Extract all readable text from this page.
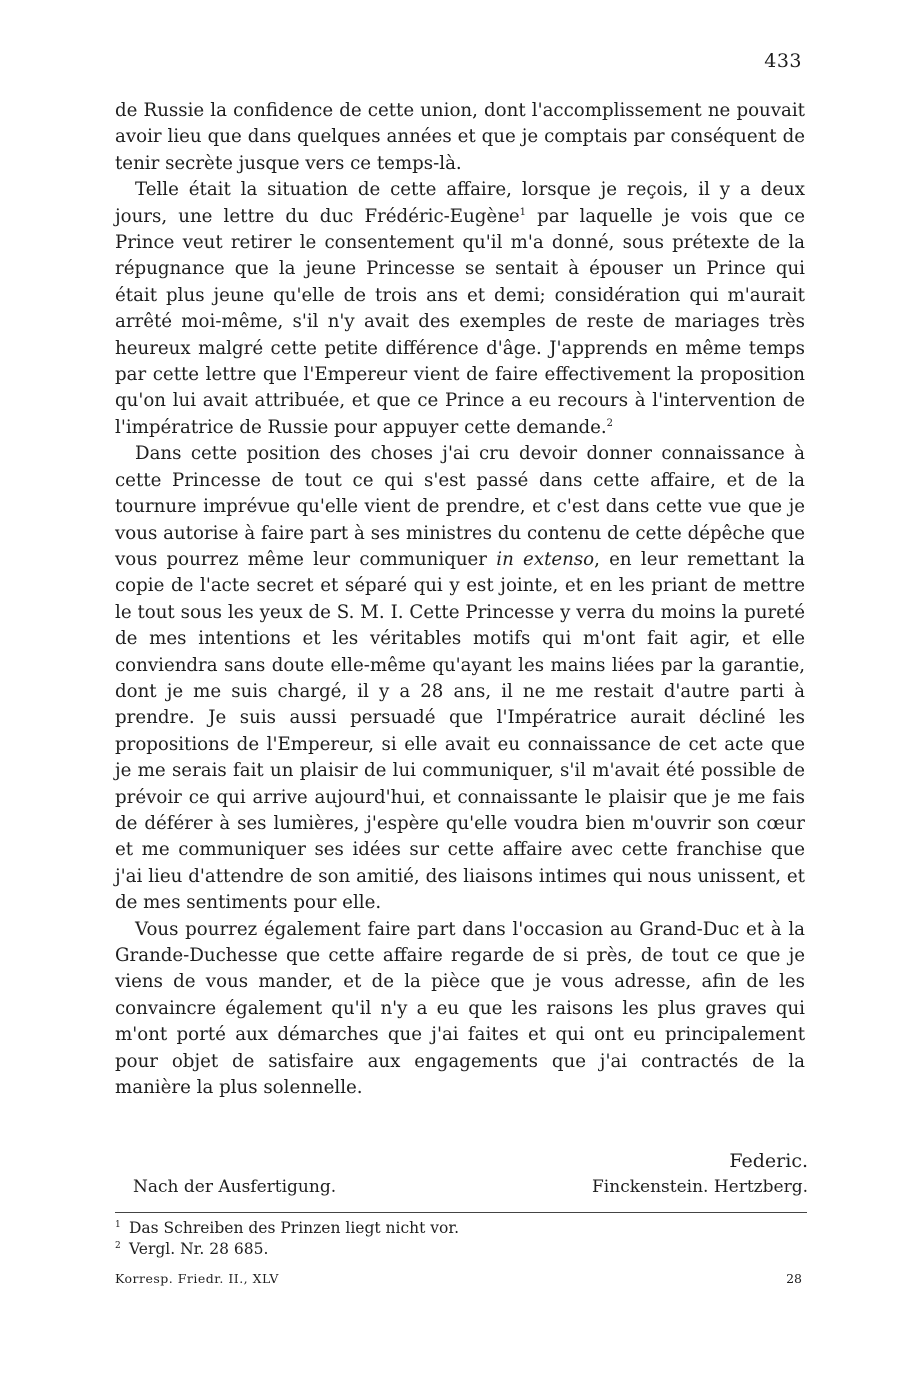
433

de Russie la confidence de cette union, dont l'accomplissement ne pouvait avoir lieu que dans quelques années et que je comptais par conséquent de tenir secrète jusque vers ce temps-là.

Telle était la situation de cette affaire, lorsque je reçois, il y a deux jours, une lettre du duc Frédéric-Eugène$^1$ par laquelle je vois que ce Prince veut retirer le consentement qu'il m'a donné, sous prétexte de la répugnance que la jeune Princesse se sentait à épouser un Prince qui était plus jeune qu'elle de trois ans et demi; considération qui m'aurait arrêté moi-même, s'il n'y avait des exemples de reste de mariages très heureux malgré cette petite différence d'âge. J'apprends en même temps par cette lettre que l'Empereur vient de faire effectivement la proposition qu'on lui avait attribuée, et que ce Prince a eu recours à l'intervention de l'impératrice de Russie pour appuyer cette demande.$^2$

Dans cette position des choses j'ai cru devoir donner connaissance à cette Princesse de tout ce qui s'est passé dans cette affaire, et de la tournure imprévue qu'elle vient de prendre, et c'est dans cette vue que je vous autorise à faire part à ses ministres du contenu de cette dépêche que vous pourrez même leur communiquer in extenso, en leur remettant la copie de l'acte secret et séparé qui y est jointe, et en les priant de mettre le tout sous les yeux de S. M. I. Cette Princesse y verra du moins la pureté de mes intentions et les véritables motifs qui m'ont fait agir, et elle conviendra sans doute elle-même qu'ayant les mains liées par la garantie, dont je me suis chargé, il y a 28 ans, il ne me restait d'autre parti à prendre. Je suis aussi persuadé que l'Impératrice aurait décliné les propositions de l'Empereur, si elle avait eu connaissance de cet acte que je me serais fait un plaisir de lui communiquer, s'il m'avait été possible de prévoir ce qui arrive aujourd'hui, et connaissante le plaisir que je me fais de déférer à ses lumières, j'espère qu'elle voudra bien m'ouvrir son cœur et me communiquer ses idées sur cette affaire avec cette franchise que j'ai lieu d'attendre de son amitié, des liaisons intimes qui nous unissent, et de mes sentiments pour elle.

Vous pourrez également faire part dans l'occasion au Grand-Duc et à la Grande-Duchesse que cette affaire regarde de si près, de tout ce que je viens de vous mander, et de la pièce que je vous adresse, afin de les convaincre également qu'il n'y a eu que les raisons les plus graves qui m'ont porté aux démarches que j'ai faites et qui ont eu principalement pour objet de satisfaire aux engagements que j'ai contractés de la manière la plus solennelle.

Federic.
Nach der Ausfertigung.	Finckenstein. Hertzberg.
1 Das Schreiben des Prinzen liegt nicht vor.
2 Vergl. Nr. 28 685.
Korresp. Friedr. II., XLV	28
